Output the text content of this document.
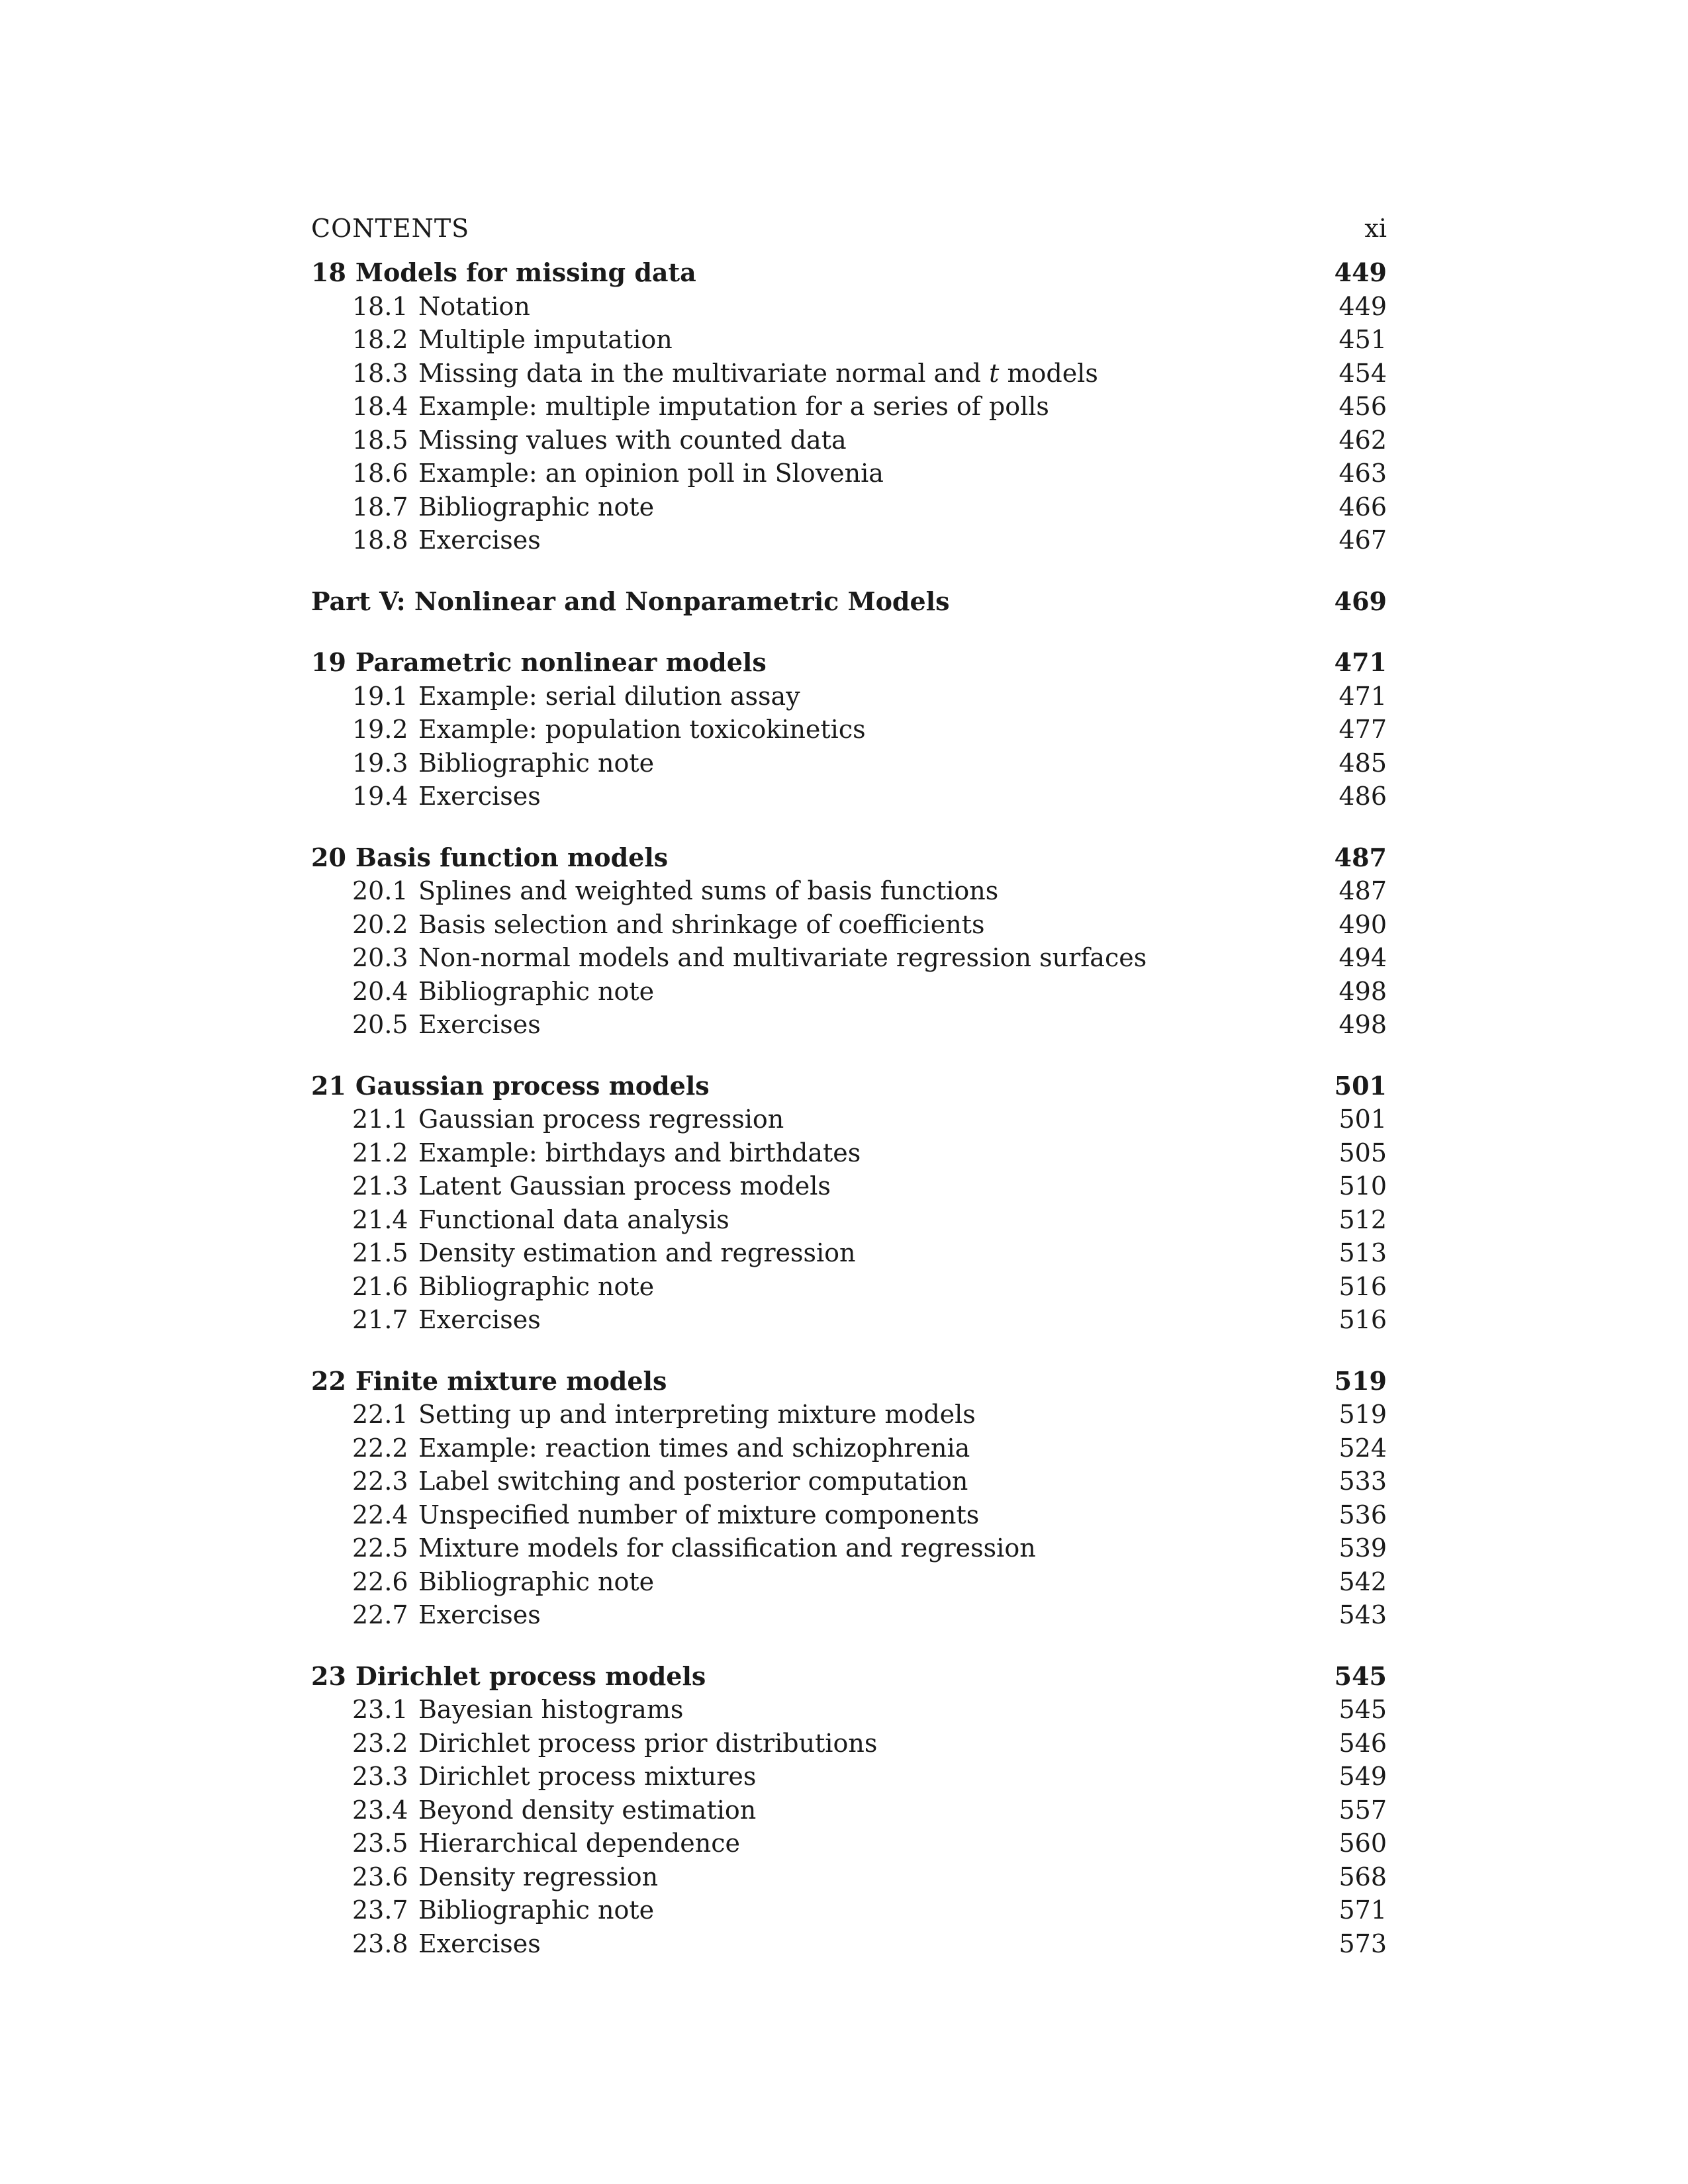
CONTENTS	xi
18 Models for missing data	449
18.1 Notation	449
18.2 Multiple imputation	451
18.3 Missing data in the multivariate normal and t models	454
18.4 Example: multiple imputation for a series of polls	456
18.5 Missing values with counted data	462
18.6 Example: an opinion poll in Slovenia	463
18.7 Bibliographic note	466
18.8 Exercises	467
Part V: Nonlinear and Nonparametric Models	469
19 Parametric nonlinear models	471
19.1 Example: serial dilution assay	471
19.2 Example: population toxicokinetics	477
19.3 Bibliographic note	485
19.4 Exercises	486
20 Basis function models	487
20.1 Splines and weighted sums of basis functions	487
20.2 Basis selection and shrinkage of coefficients	490
20.3 Non-normal models and multivariate regression surfaces	494
20.4 Bibliographic note	498
20.5 Exercises	498
21 Gaussian process models	501
21.1 Gaussian process regression	501
21.2 Example: birthdays and birthdates	505
21.3 Latent Gaussian process models	510
21.4 Functional data analysis	512
21.5 Density estimation and regression	513
21.6 Bibliographic note	516
21.7 Exercises	516
22 Finite mixture models	519
22.1 Setting up and interpreting mixture models	519
22.2 Example: reaction times and schizophrenia	524
22.3 Label switching and posterior computation	533
22.4 Unspecified number of mixture components	536
22.5 Mixture models for classification and regression	539
22.6 Bibliographic note	542
22.7 Exercises	543
23 Dirichlet process models	545
23.1 Bayesian histograms	545
23.2 Dirichlet process prior distributions	546
23.3 Dirichlet process mixtures	549
23.4 Beyond density estimation	557
23.5 Hierarchical dependence	560
23.6 Density regression	568
23.7 Bibliographic note	571
23.8 Exercises	573
